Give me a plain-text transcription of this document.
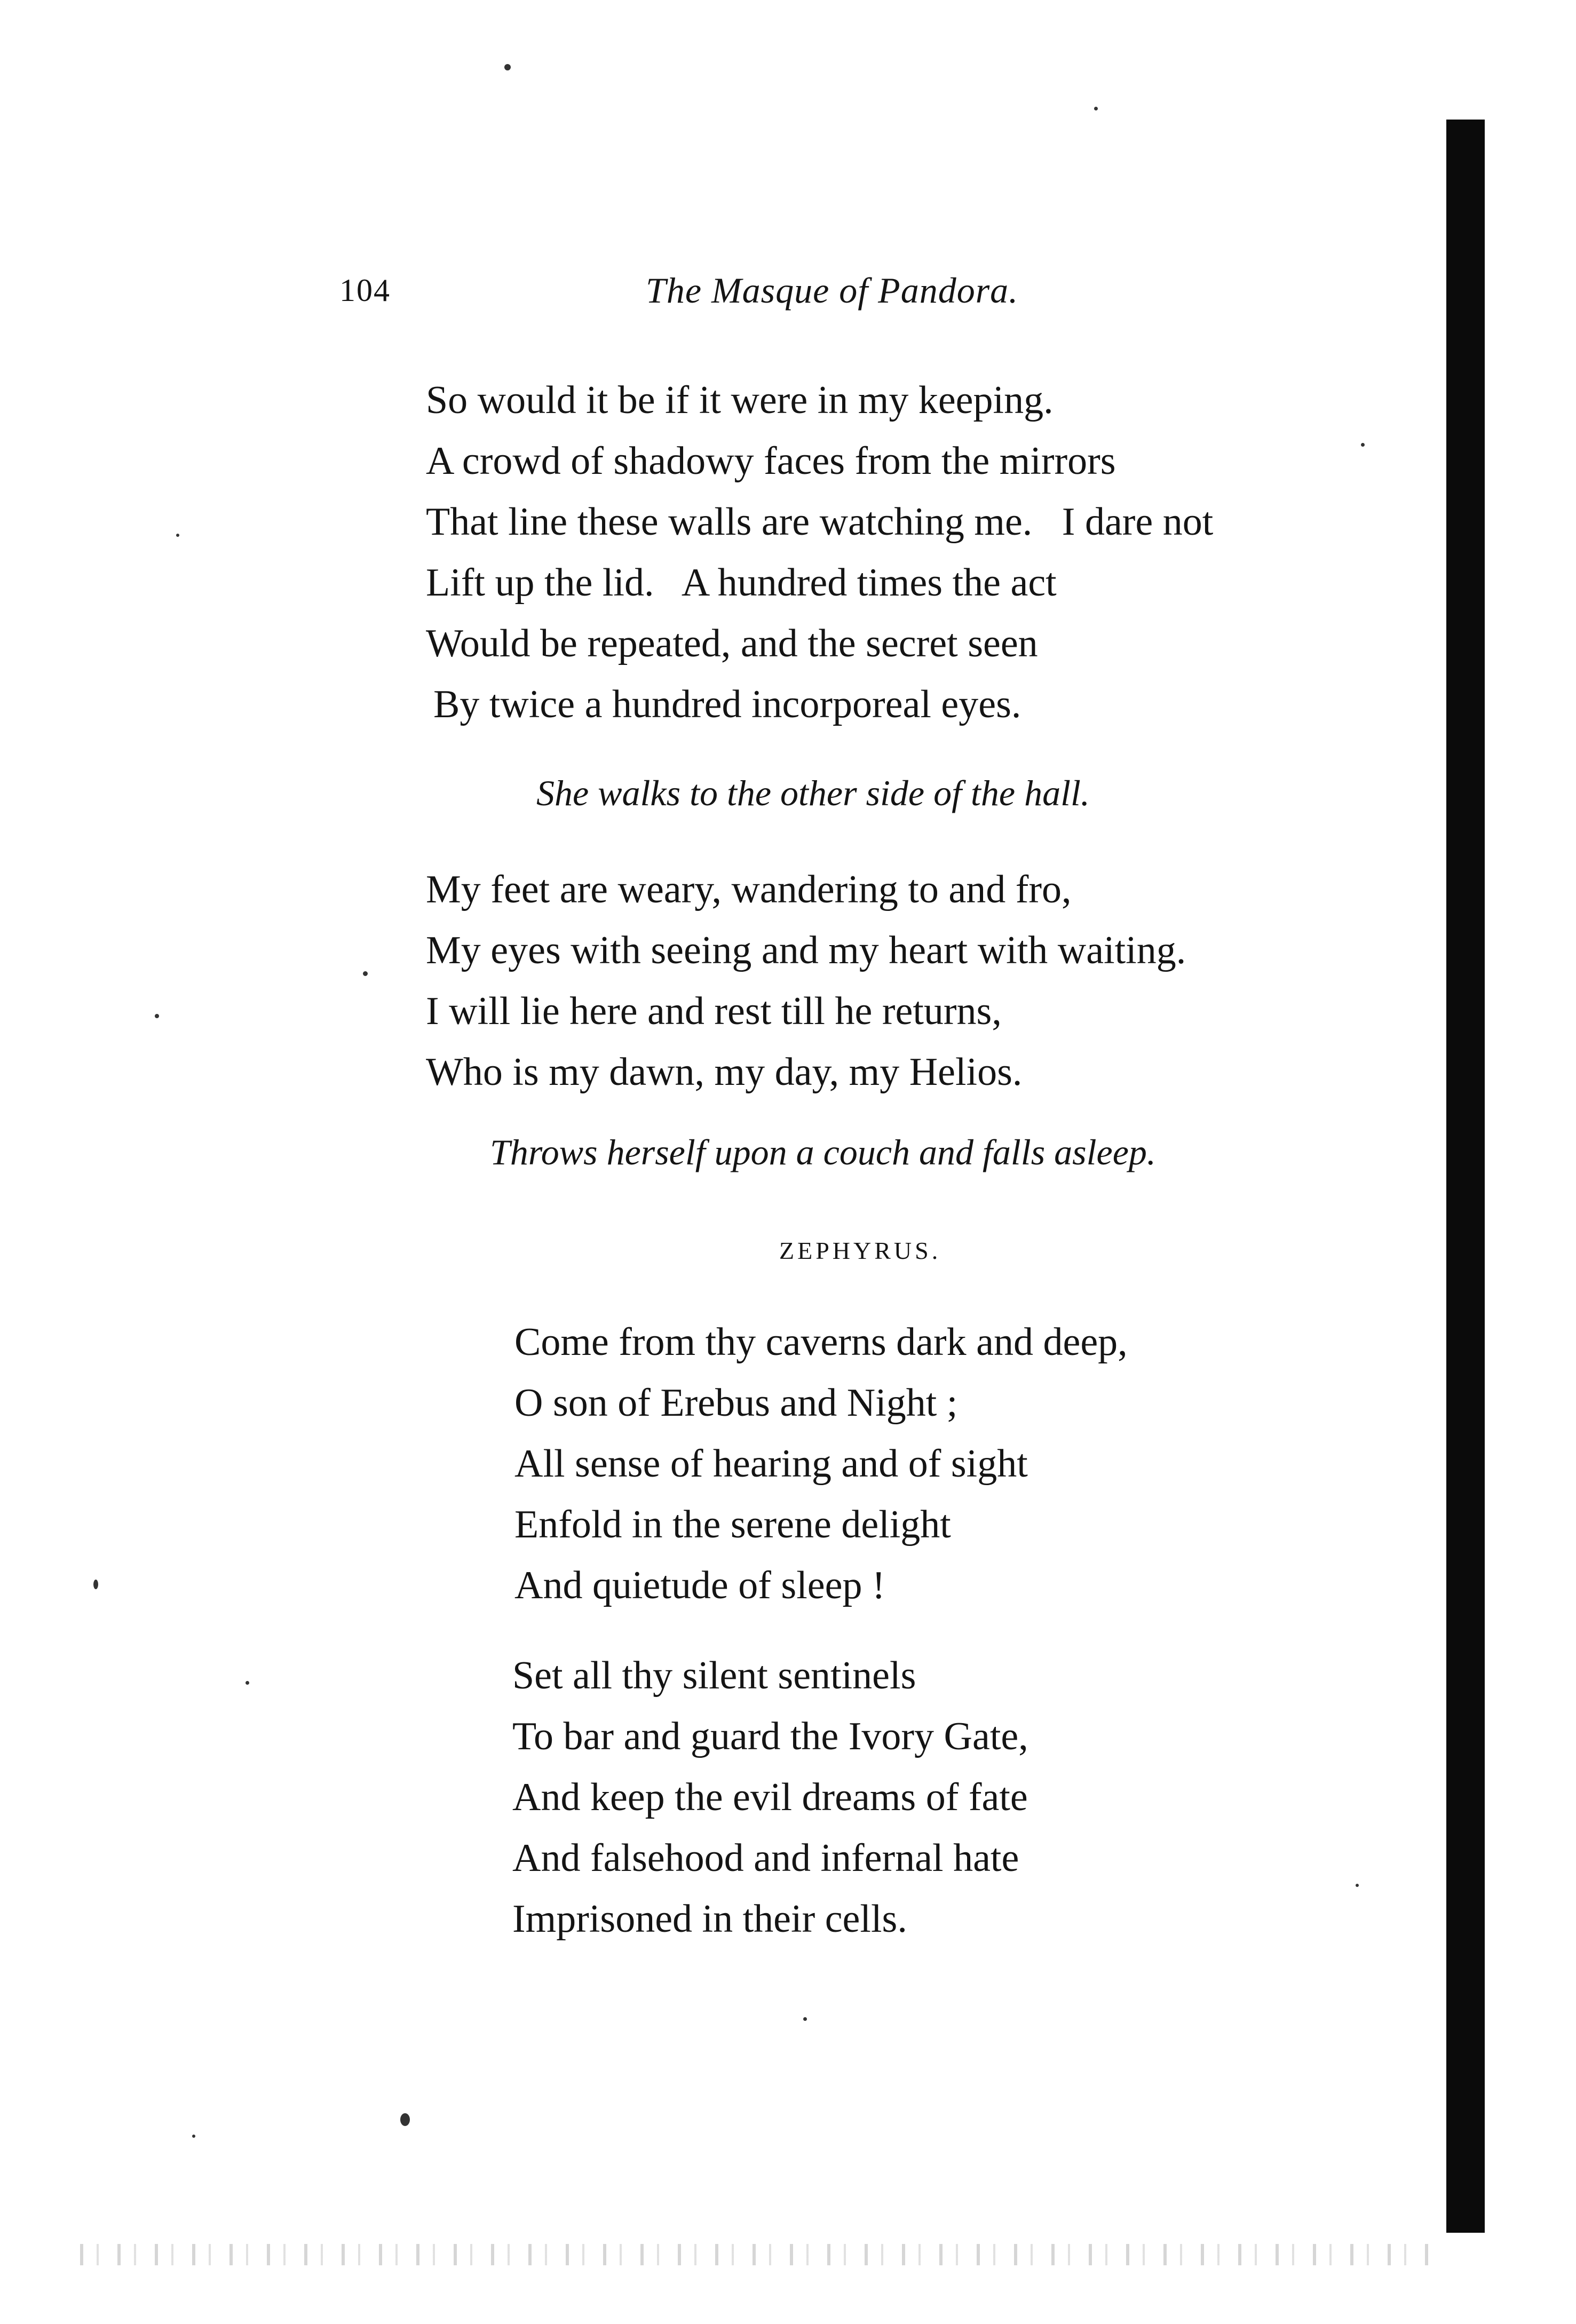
104	The Masque of Pandora.
So would it be if it were in my keeping.
A crowd of shadowy faces from the mirrors
That line these walls are watching me.   I dare not
Lift up the lid.   A hundred times the act
Would be repeated, and the secret seen
By twice a hundred incorporeal eyes.
She walks to the other side of the hall.
My feet are weary, wandering to and fro,
My eyes with seeing and my heart with waiting.
I will lie here and rest till he returns,
Who is my dawn, my day, my Helios.
Throws herself upon a couch and falls asleep.
ZEPHYRUS.
Come from thy caverns dark and deep,
O son of Erebus and Night ;
All sense of hearing and of sight
Enfold in the serene delight
And quietude of sleep !
Set all thy silent sentinels
To bar and guard the Ivory Gate,
And keep the evil dreams of fate
And falsehood and infernal hate
Imprisoned in their cells.
